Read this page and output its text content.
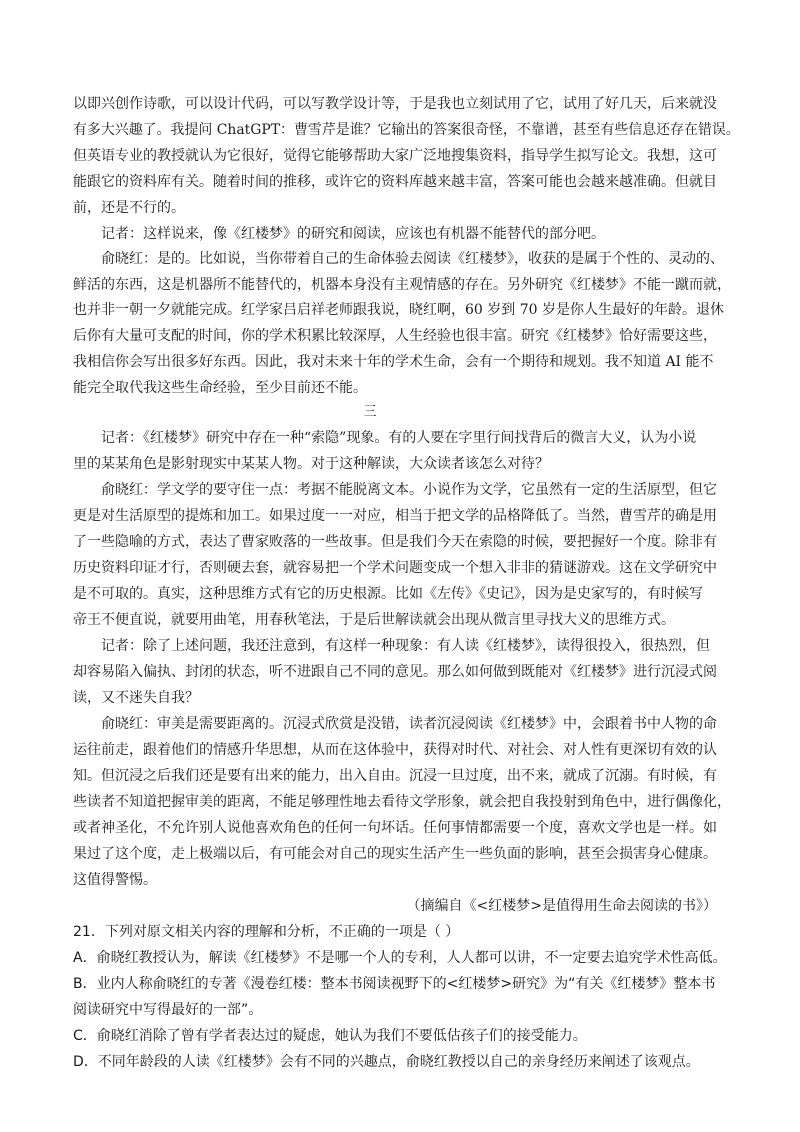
以即兴创作诗歌，可以设计代码，可以写教学设计等，于是我也立刻试用了它，试用了好几天，后来就没
有多大兴趣了。我提问 ChatGPT：曹雪芹是谁？它输出的答案很奇怪，不靠谱，甚至有些信息还存在错误。
但英语专业的教授就认为它很好，觉得它能够帮助大家广泛地搜集资料，指导学生拟写论文。我想，这可
能跟它的资料库有关。随着时间的推移，或许它的资料库越来越丰富，答案可能也会越来越准确。但就目
前，还是不行的。
记者：这样说来，像《红楼梦》的研究和阅读，应该也有机器不能替代的部分吧。
俞晓红：是的。比如说，当你带着自己的生命体验去阅读《红楼梦》，收获的是属于个性的、灵动的、
鲜活的东西，这是机器所不能替代的，机器本身没有主观情感的存在。另外研究《红楼梦》不能一蹴而就，
也并非一朝一夕就能完成。红学家吕启祥老师跟我说，晓红啊，60 岁到 70 岁是你人生最好的年龄。退休
后你有大量可支配的时间，你的学术积累比较深厚，人生经验也很丰富。研究《红楼梦》恰好需要这些，
我相信你会写出很多好东西。因此，我对未来十年的学术生命，会有一个期待和规划。我不知道 AI 能不
能完全取代我这些生命经验，至少目前还不能。
三
记者：《红楼梦》研究中存在一种“索隐”现象。有的人要在字里行间找背后的微言大义，认为小说
里的某某角色是影射现实中某某人物。对于这种解读，大众读者该怎么对待？
俞晓红：学文学的要守住一点：考据不能脱离文本。小说作为文学，它虽然有一定的生活原型，但它
更是对生活原型的提炼和加工。如果过度一一对应，相当于把文学的品格降低了。当然，曹雪芹的确是用
了一些隐喻的方式，表达了曹家败落的一些故事。但是我们今天在索隐的时候，要把握好一个度。除非有
历史资料印证才行，否则硬去套，就容易把一个学术问题变成一个想入非非的猜谜游戏。这在文学研究中
是不可取的。真实，这种思维方式有它的历史根源。比如《左传》《史记》，因为是史家写的，有时候写
帝王不便直说，就要用曲笔，用春秋笔法，于是后世解读就会出现从微言里寻找大义的思维方式。
记者：除了上述问题，我还注意到，有这样一种现象：有人读《红楼梦》，读得很投入，很热烈，但
却容易陷入偏执、封闭的状态，听不进跟自己不同的意见。那么如何做到既能对《红楼梦》进行沉浸式阅
读，又不迷失自我？
俞晓红：审美是需要距离的。沉浸式欣赏是没错，读者沉浸阅读《红楼梦》中，会跟着书中人物的命
运往前走，跟着他们的情感升华思想，从而在这体验中，获得对时代、对社会、对人性有更深切有效的认
知。但沉浸之后我们还是要有出来的能力，出入自由。沉浸一旦过度，出不来，就成了沉溺。有时候，有
些读者不知道把握审美的距离，不能足够理性地去看待文学形象，就会把自我投射到角色中，进行偶像化，
或者神圣化，不允许别人说他喜欢角色的任何一句坏话。任何事情都需要一个度，喜欢文学也是一样。如
果过了这个度，走上极端以后，有可能会对自己的现实生活产生一些负面的影响，甚至会损害身心健康。
这值得警惕。
（摘编自《<红楼梦>是值得用生命去阅读的书》）
21．下列对原文相关内容的理解和分析，不正确的一项是（ ）
A．俞晓红教授认为，解读《红楼梦》不是哪一个人的专利，人人都可以讲，不一定要去追究学术性高低。
B．业内人称俞晓红的专著《漫卷红楼：整本书阅读视野下的<红楼梦>研究》为“有关《红楼梦》整本书
阅读研究中写得最好的一部”。
C．俞晓红消除了曾有学者表达过的疑虑，她认为我们不要低估孩子们的接受能力。
D．不同年龄段的人读《红楼梦》会有不同的兴趣点，俞晓红教授以自己的亲身经历来阐述了该观点。
